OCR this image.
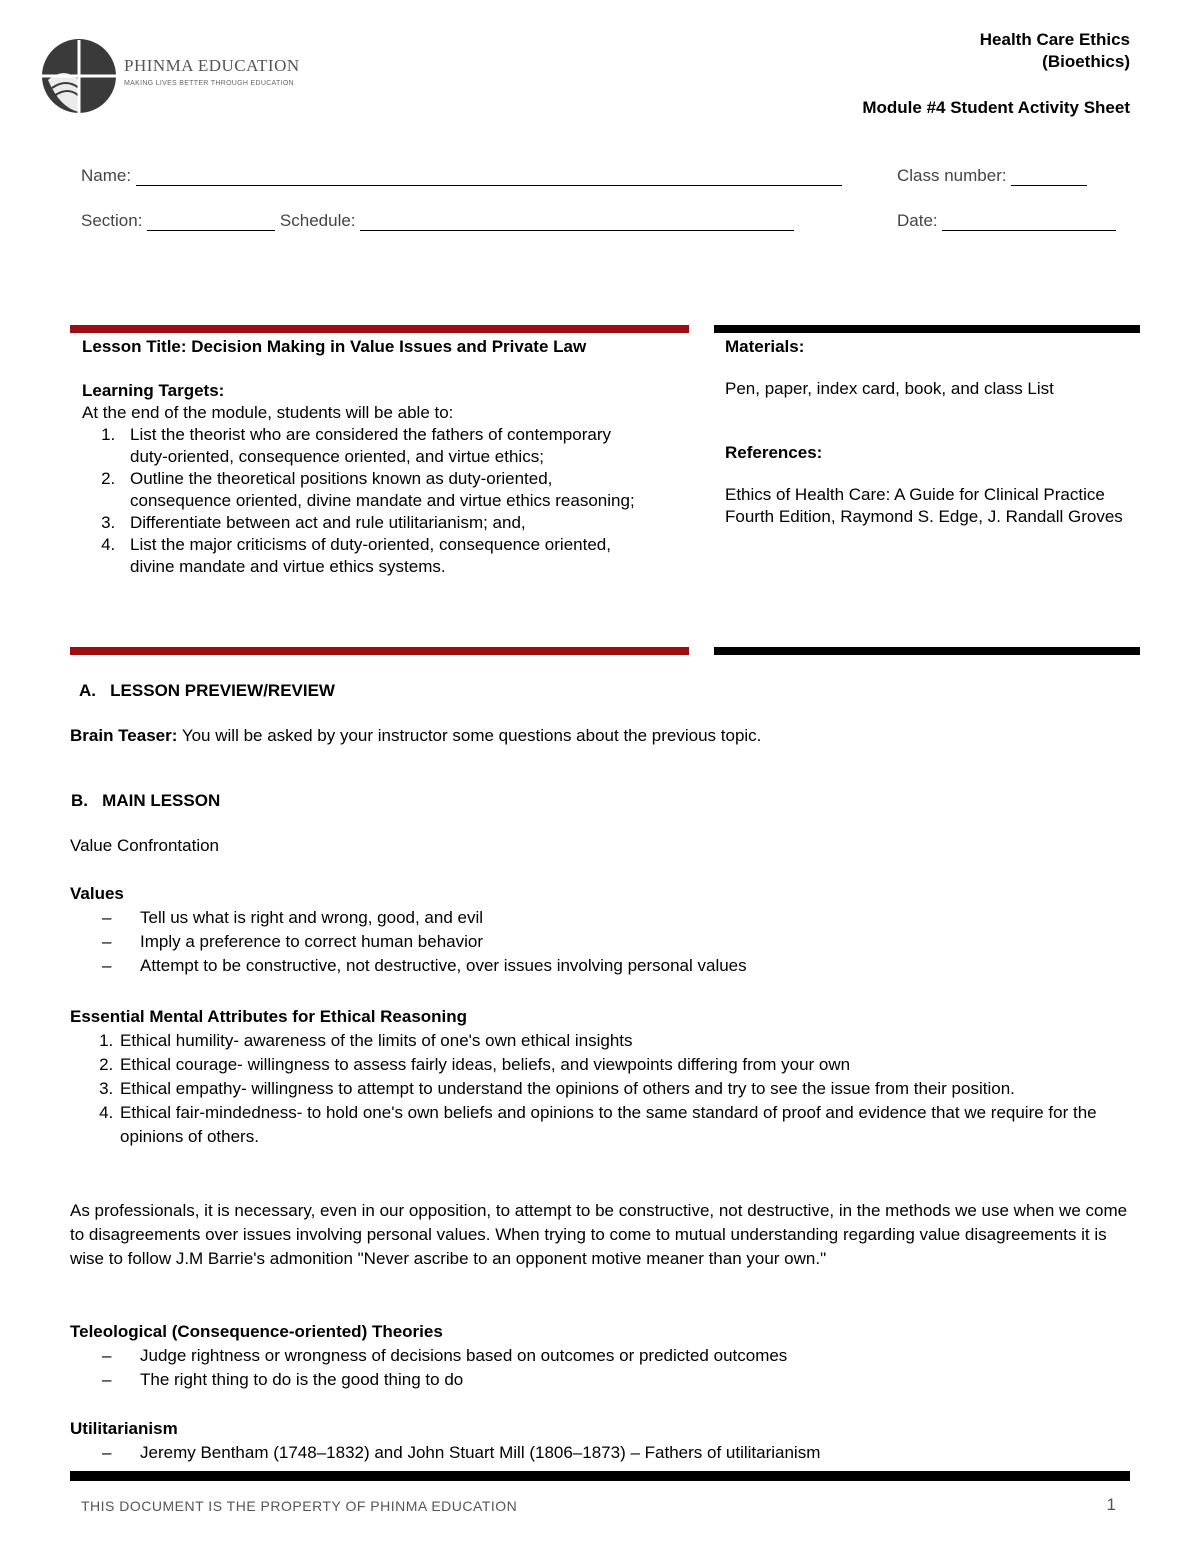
PHINMA EDUCATION
MAKING LIVES BETTER THROUGH EDUCATION
Health Care Ethics
(Bioethics)
Module #4 Student Activity Sheet
Name:	Class number:
Section:	Schedule:	Date:
Lesson Title: Decision Making in Value Issues and Private Law
Learning Targets:
At the end of the module, students will be able to:
1. List the theorist who are considered the fathers of contemporary duty-oriented, consequence oriented, and virtue ethics;
2. Outline the theoretical positions known as duty-oriented, consequence oriented, divine mandate and virtue ethics reasoning;
3. Differentiate between act and rule utilitarianism; and,
4. List the major criticisms of duty-oriented, consequence oriented, divine mandate and virtue ethics systems.
Materials:
Pen, paper, index card, book, and class List
References:
Ethics of Health Care: A Guide for Clinical Practice Fourth Edition, Raymond S. Edge, J. Randall Groves
A.   LESSON PREVIEW/REVIEW
Brain Teaser: You will be asked by your instructor some questions about the previous topic.
B.   MAIN LESSON
Value Confrontation
Values
– Tell us what is right and wrong, good, and evil
– Imply a preference to correct human behavior
– Attempt to be constructive, not destructive, over issues involving personal values
Essential Mental Attributes for Ethical Reasoning
1. Ethical humility- awareness of the limits of one's own ethical insights
2. Ethical courage- willingness to assess fairly ideas, beliefs, and viewpoints differing from your own
3. Ethical empathy- willingness to attempt to understand the opinions of others and try to see the issue from their position.
4. Ethical fair-mindedness- to hold one's own beliefs and opinions to the same standard of proof and evidence that we require for the opinions of others.
As professionals, it is necessary, even in our opposition, to attempt to be constructive, not destructive, in the methods we use when we come to disagreements over issues involving personal values. When trying to come to mutual understanding regarding value disagreements it is wise to follow J.M Barrie's admonition "Never ascribe to an opponent motive meaner than your own."
Teleological (Consequence-oriented) Theories
– Judge rightness or wrongness of decisions based on outcomes or predicted outcomes
– The right thing to do is the good thing to do
Utilitarianism
– Jeremy Bentham (1748–1832) and John Stuart Mill (1806–1873) – Fathers of utilitarianism
THIS DOCUMENT IS THE PROPERTY OF PHINMA EDUCATION	1
